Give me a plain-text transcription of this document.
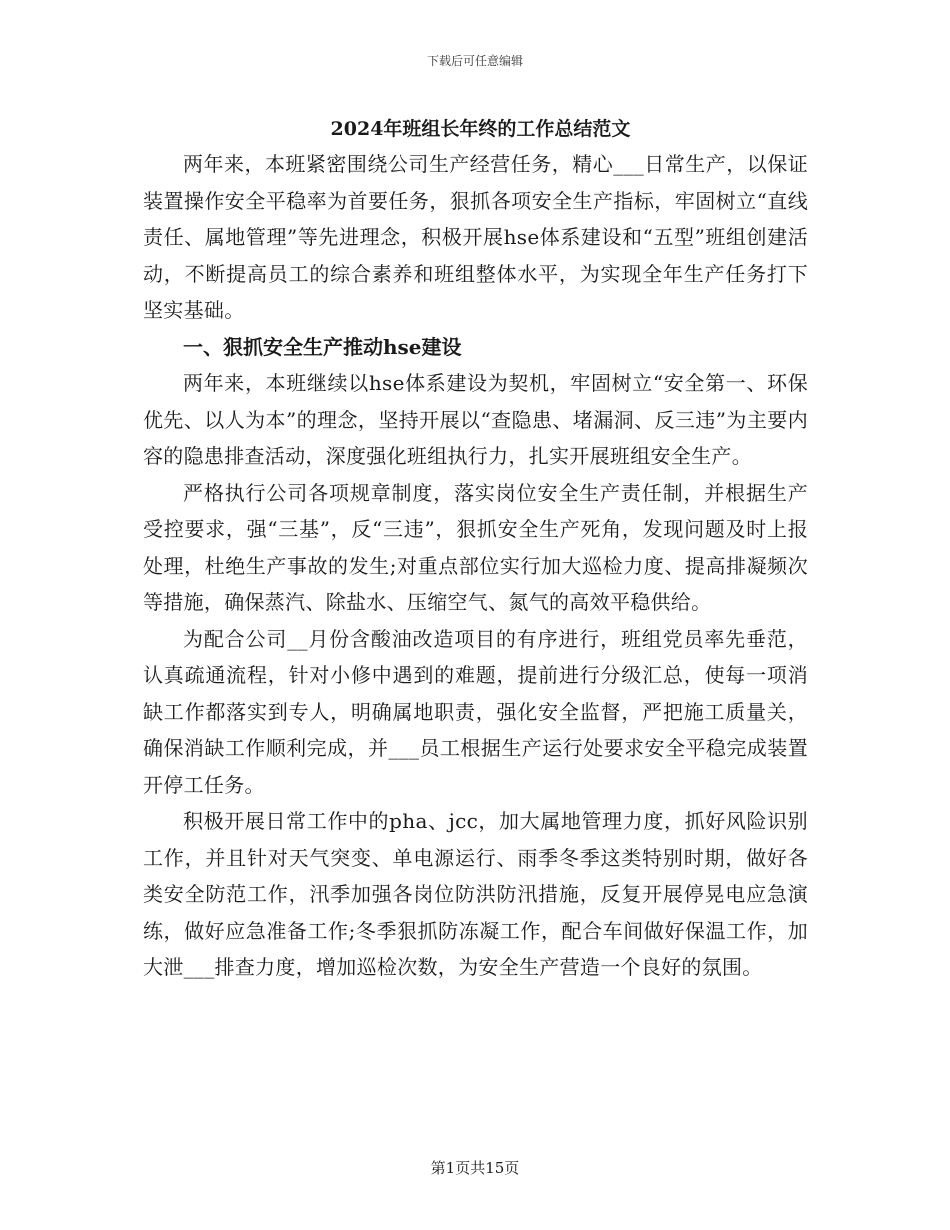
下载后可任意编辑
2024年班组长年终的工作总结范文

两年来，本班紧密围绕公司生产经营任务，精心___日常生产，以保证装置操作安全平稳率为首要任务，狠抓各项安全生产指标，牢固树立“直线责任、属地管理”等先进理念，积极开展hse体系建设和“五型”班组创建活动，不断提高员工的综合素养和班组整体水平，为实现全年生产任务打下坚实基础。

一、狠抓安全生产推动hse建设

两年来，本班继续以hse体系建设为契机，牢固树立“安全第一、环保优先、以人为本”的理念，坚持开展以“查隐患、堵漏洞、反三违”为主要内容的隐患排查活动，深度强化班组执行力，扎实开展班组安全生产。

严格执行公司各项规章制度，落实岗位安全生产责任制，并根据生产受控要求，强“三基”，反“三违”，狠抓安全生产死角，发现问题及时上报处理，杜绝生产事故的发生;对重点部位实行加大巡检力度、提高排凝频次等措施，确保蒸汽、除盐水、压缩空气、氮气的高效平稳供给。

为配合公司__月份含酸油改造项目的有序进行，班组党员率先垂范，认真疏通流程，针对小修中遇到的难题，提前进行分级汇总，使每一项消缺工作都落实到专人，明确属地职责，强化安全监督，严把施工质量关，确保消缺工作顺利完成，并___员工根据生产运行处要求安全平稳完成装置开停工任务。

积极开展日常工作中的pha、jcc，加大属地管理力度，抓好风险识别工作，并且针对天气突变、单电源运行、雨季冬季这类特别时期，做好各类安全防范工作，汛季加强各岗位防洪防汛措施，反复开展停晃电应急演练，做好应急准备工作;冬季狠抓防冻凝工作，配合车间做好保温工作，加大泄___排查力度，增加巡检次数，为安全生产营造一个良好的氛围。

第1页共15页
